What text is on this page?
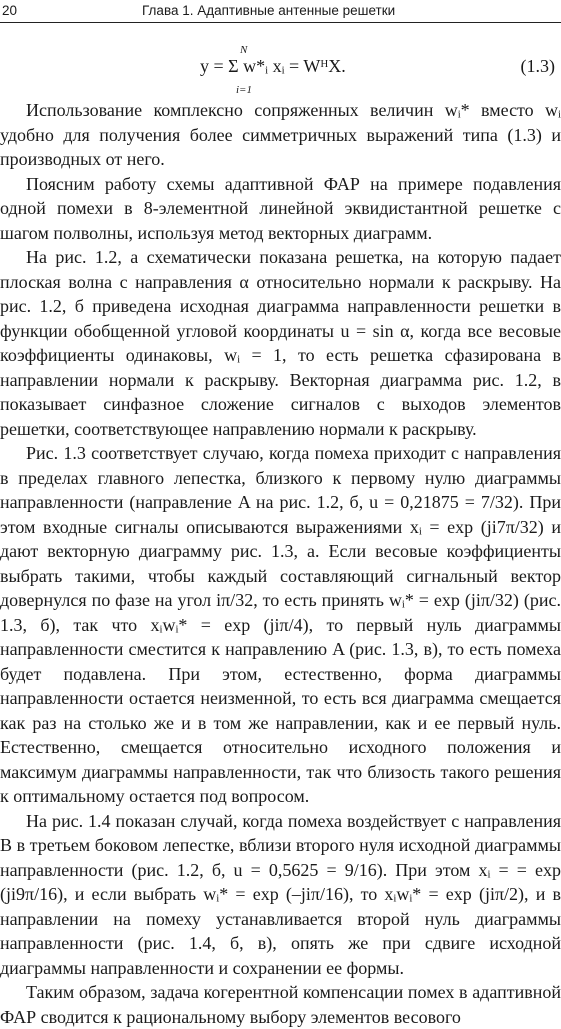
20	Глава 1. Адаптивные антенные решетки
N
y = Σ w*ᵢ xᵢ = WᴴX.
i=1
(1.3)

Использование комплексно сопряженных величин wᵢ* вместо wᵢ удобно для получения более симметричных выражений типа (1.3) и производных от него.

Поясним работу схемы адаптивной ФАР на примере подавления одной помехи в 8-элементной линейной эквидистантной решетке с шагом полволны, используя метод векторных диаграмм.

На рис. 1.2, а схематически показана решетка, на которую падает плоская волна с направления α относительно нормали к раскрыву. На рис. 1.2, б приведена исходная диаграмма направленности решетки в функции обобщенной угловой координаты u = sin α, когда все весовые коэффициенты одинаковы, wᵢ = 1, то есть решетка сфазирована в направлении нормали к раскрыву. Векторная диаграмма рис. 1.2, в показывает синфазное сложение сигналов с выходов элементов решетки, соответствующее направлению нормали к раскрыву.

Рис. 1.3 соответствует случаю, когда помеха приходит с направления в пределах главного лепестка, близкого к первому нулю диаграммы направленности (направление A на рис. 1.2, б, u = 0,21875 = 7/32). При этом входные сигналы описываются выражениями xᵢ = exp (ji7π/32) и дают векторную диаграмму рис. 1.3, а. Если весовые коэффициенты выбрать такими, чтобы каждый составляющий сигнальный вектор довернулся по фазе на угол iπ/32, то есть принять wᵢ* = exp (jiπ/32) (рис. 1.3, б), так что xᵢwᵢ* = exp (jiπ/4), то первый нуль диаграммы направленности сместится к направлению A (рис. 1.3, в), то есть помеха будет подавлена. При этом, естественно, форма диаграммы направленности остается неизменной, то есть вся диаграмма смещается как раз на столько же и в том же направлении, как и ее первый нуль. Естественно, смещается относительно исходного положения и максимум диаграммы направленности, так что близость такого решения к оптимальному остается под вопросом.

На рис. 1.4 показан случай, когда помеха воздействует с направления B в третьем боковом лепестке, вблизи второго нуля исходной диаграммы направленности (рис. 1.2, б, u = 0,5625 = 9/16). При этом xᵢ = = exp (ji9π/16), и если выбрать wᵢ* = exp (–jiπ/16), то xᵢwᵢ* = exp (jiπ/2), и в направлении на помеху устанавливается второй нуль диаграммы направленности (рис. 1.4, б, в), опять же при сдвиге исходной диаграммы направленности и сохранении ее формы.

Таким образом, задача когерентной компенсации помех в адаптивной ФАР сводится к рациональному выбору элементов весового
